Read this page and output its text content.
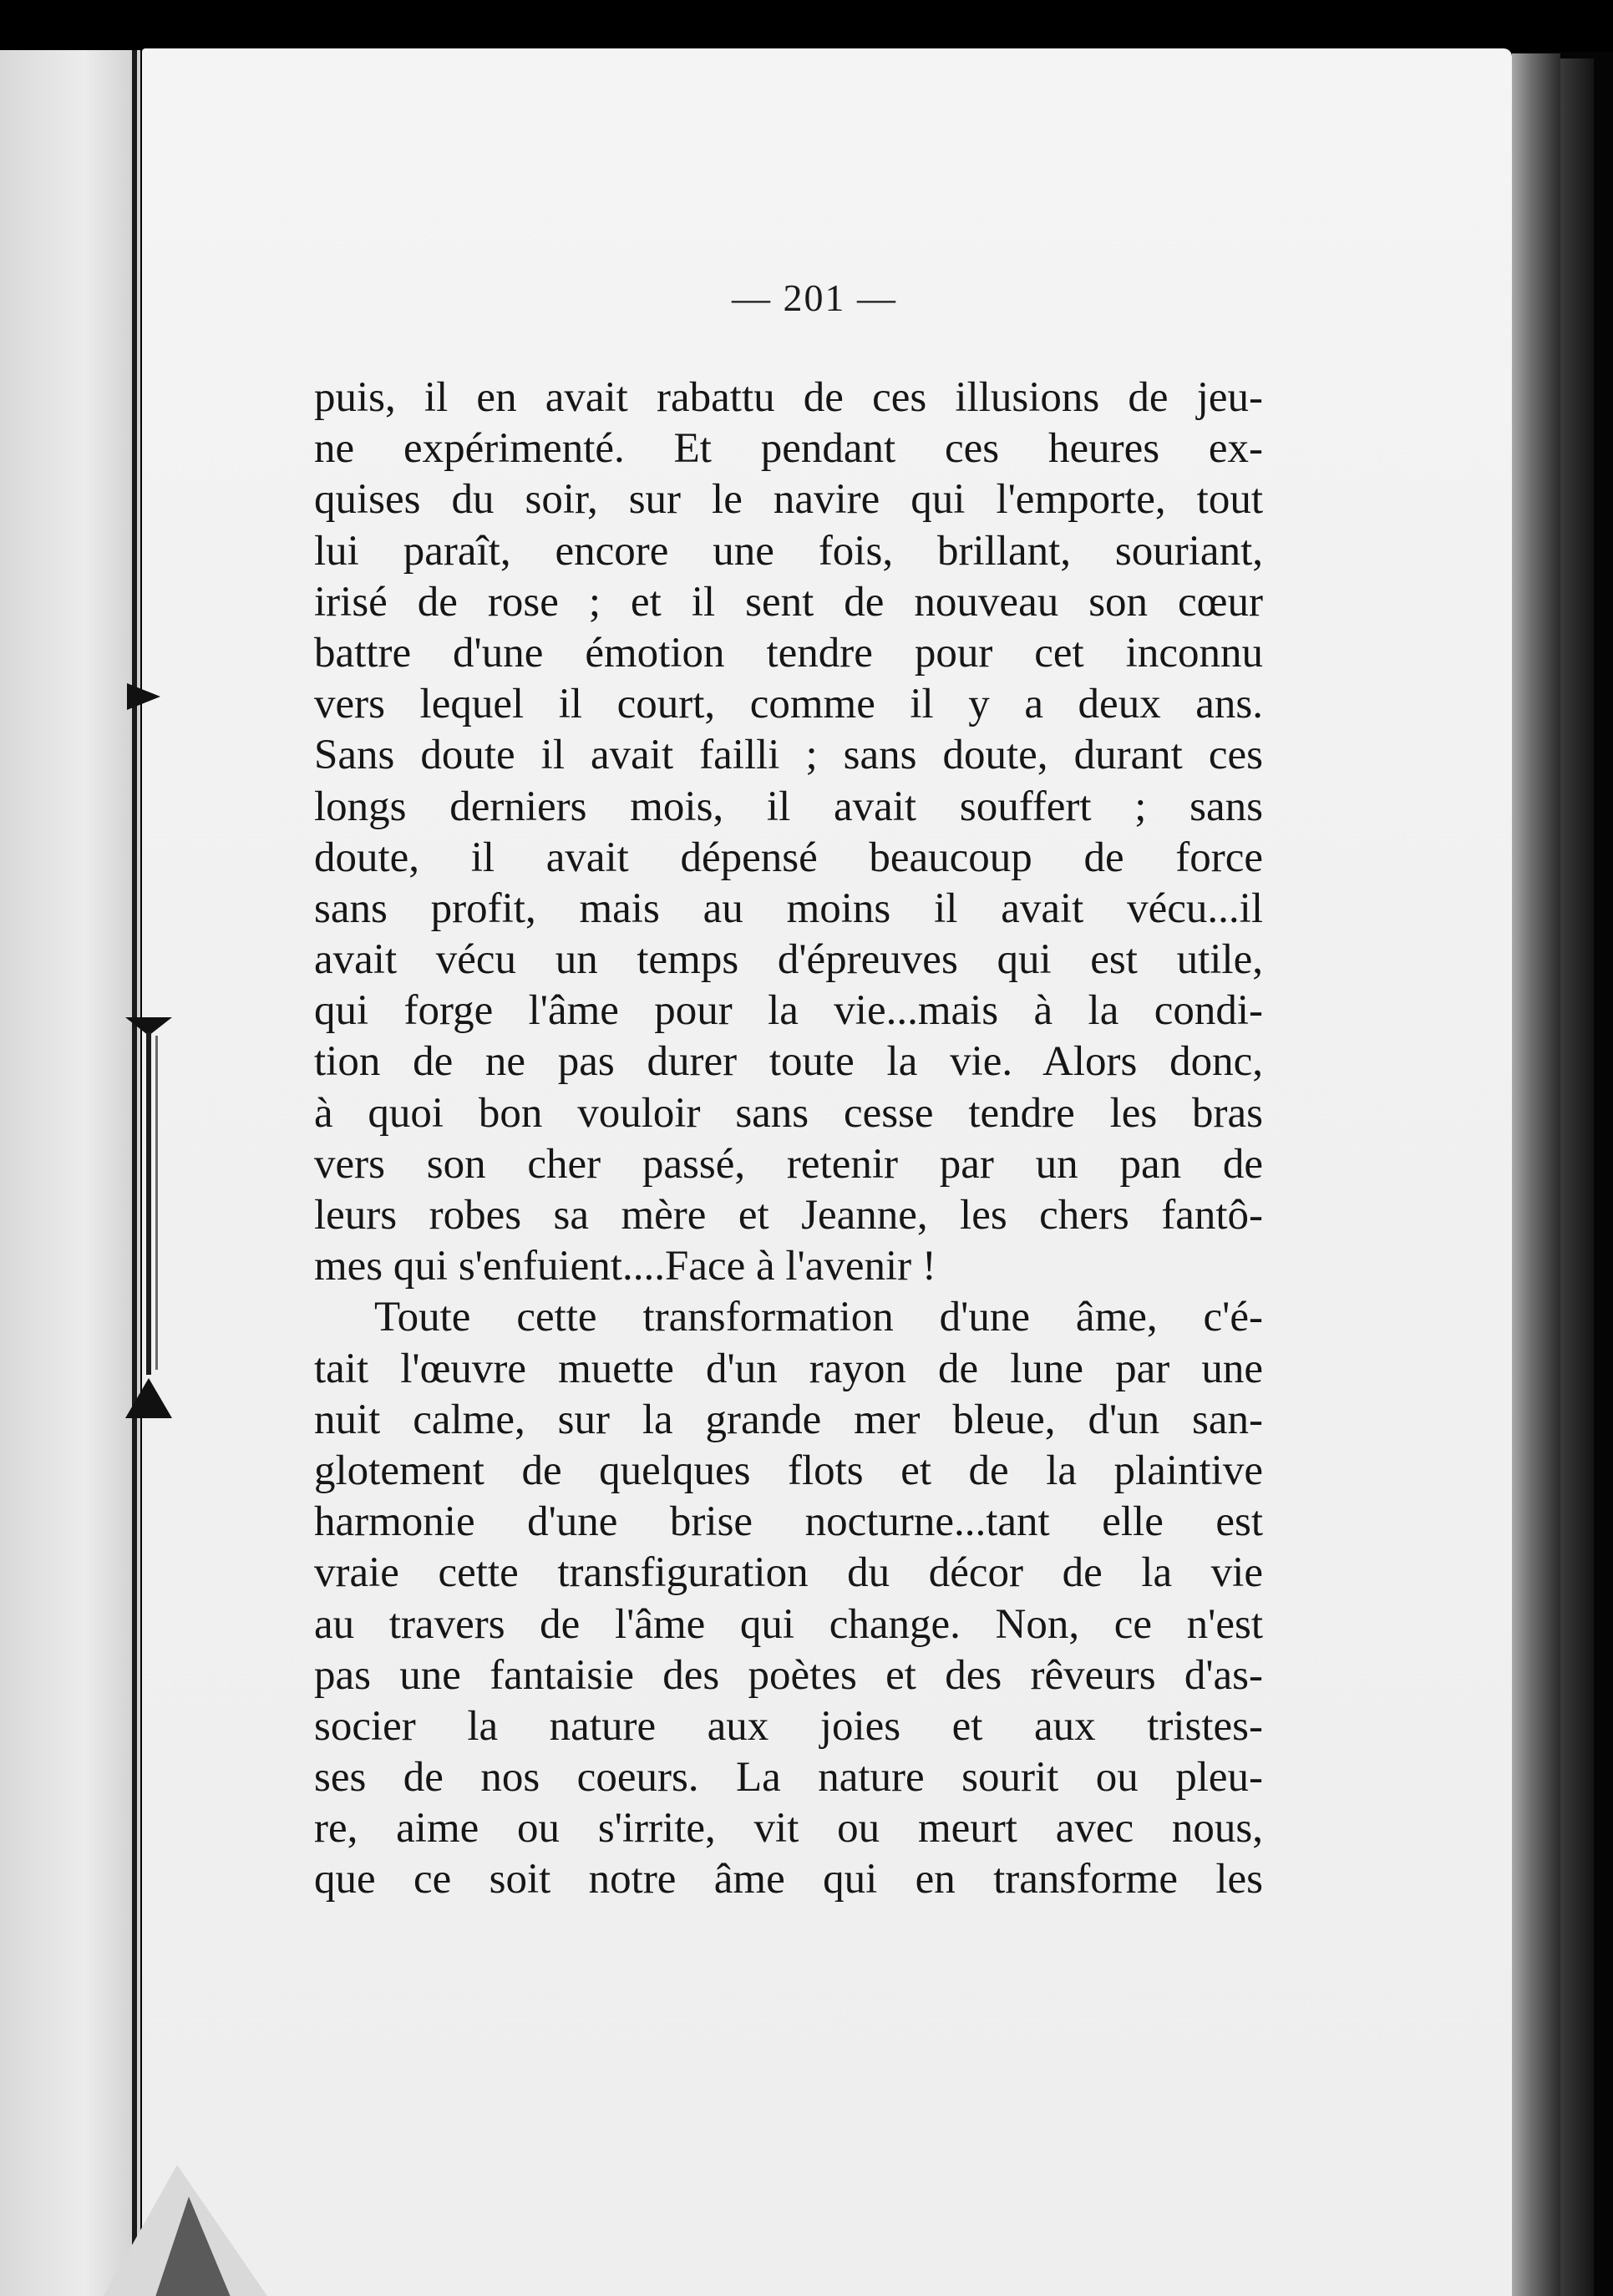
— 201 —
puis, il en avait rabattu de ces illusions de jeu-
ne expérimenté. Et pendant ces heures ex-
quises du soir, sur le navire qui l'emporte, tout
lui paraît, encore une fois, brillant, souriant,
irisé de rose ; et il sent de nouveau son cœur
battre d'une émotion tendre pour cet inconnu
vers lequel il court, comme il y a deux ans.
Sans doute il avait failli ; sans doute, durant ces
longs derniers mois, il avait souffert ; sans
doute, il avait dépensé beaucoup de force
sans profit, mais au moins il avait vécu...il
avait vécu un temps d'épreuves qui est utile,
qui forge l'âme pour la vie...mais à la condi-
tion de ne pas durer toute la vie. Alors donc,
à quoi bon vouloir sans cesse tendre les bras
vers son cher passé, retenir par un pan de
leurs robes sa mère et Jeanne, les chers fantô-
mes qui s'enfuient....Face à l'avenir !
Toute cette transformation d'une âme, c'é-
tait l'œuvre muette d'un rayon de lune par une
nuit calme, sur la grande mer bleue, d'un san-
glotement de quelques flots et de la plaintive
harmonie d'une brise nocturne...tant elle est
vraie cette transfiguration du décor de la vie
au travers de l'âme qui change. Non, ce n'est
pas une fantaisie des poètes et des rêveurs d'as-
socier la nature aux joies et aux tristes-
ses de nos coeurs. La nature sourit ou pleu-
re, aime ou s'irrite, vit ou meurt avec nous,
que ce soit notre âme qui en transforme les
